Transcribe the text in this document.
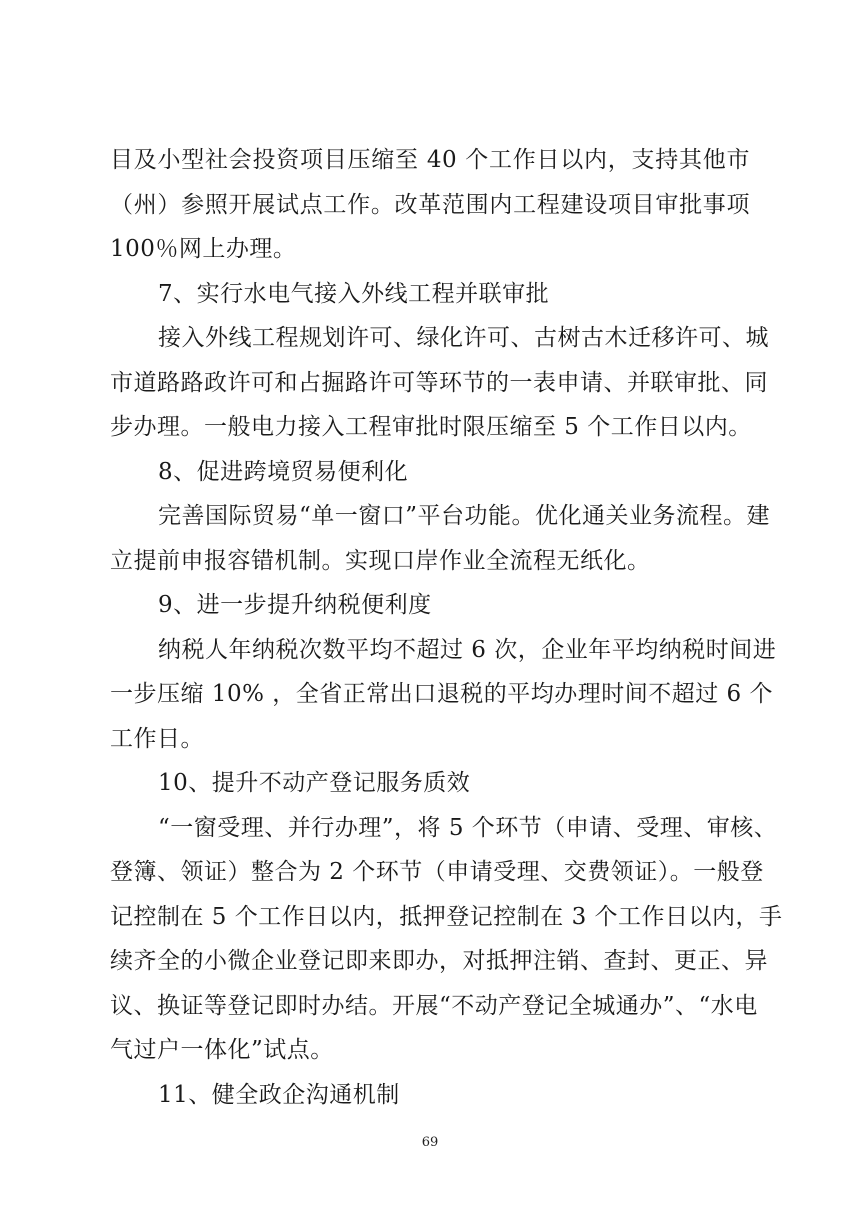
目及小型社会投资项目压缩至 40 个工作日以内，支持其他市
（州）参照开展试点工作。改革范围内工程建设项目审批事项
100％网上办理。
7、实行水电气接入外线工程并联审批
接入外线工程规划许可、绿化许可、古树古木迁移许可、城
市道路路政许可和占掘路许可等环节的一表申请、并联审批、同
步办理。一般电力接入工程审批时限压缩至 5 个工作日以内。
8、促进跨境贸易便利化
完善国际贸易“单一窗口”平台功能。优化通关业务流程。建
立提前申报容错机制。实现口岸作业全流程无纸化。
9、进一步提升纳税便利度
纳税人年纳税次数平均不超过 6 次，企业年平均纳税时间进
一步压缩 10% ，全省正常出口退税的平均办理时间不超过 6 个
工作日。
10、提升不动产登记服务质效
“一窗受理、并行办理”，将 5 个环节（申请、受理、审核、
登簿、领证）整合为 2 个环节（申请受理、交费领证）。一般登
记控制在 5 个工作日以内，抵押登记控制在 3 个工作日以内，手
续齐全的小微企业登记即来即办，对抵押注销、查封、更正、异
议、换证等登记即时办结。开展“不动产登记全城通办”、“水电
气过户一体化”试点。
11、健全政企沟通机制
69
